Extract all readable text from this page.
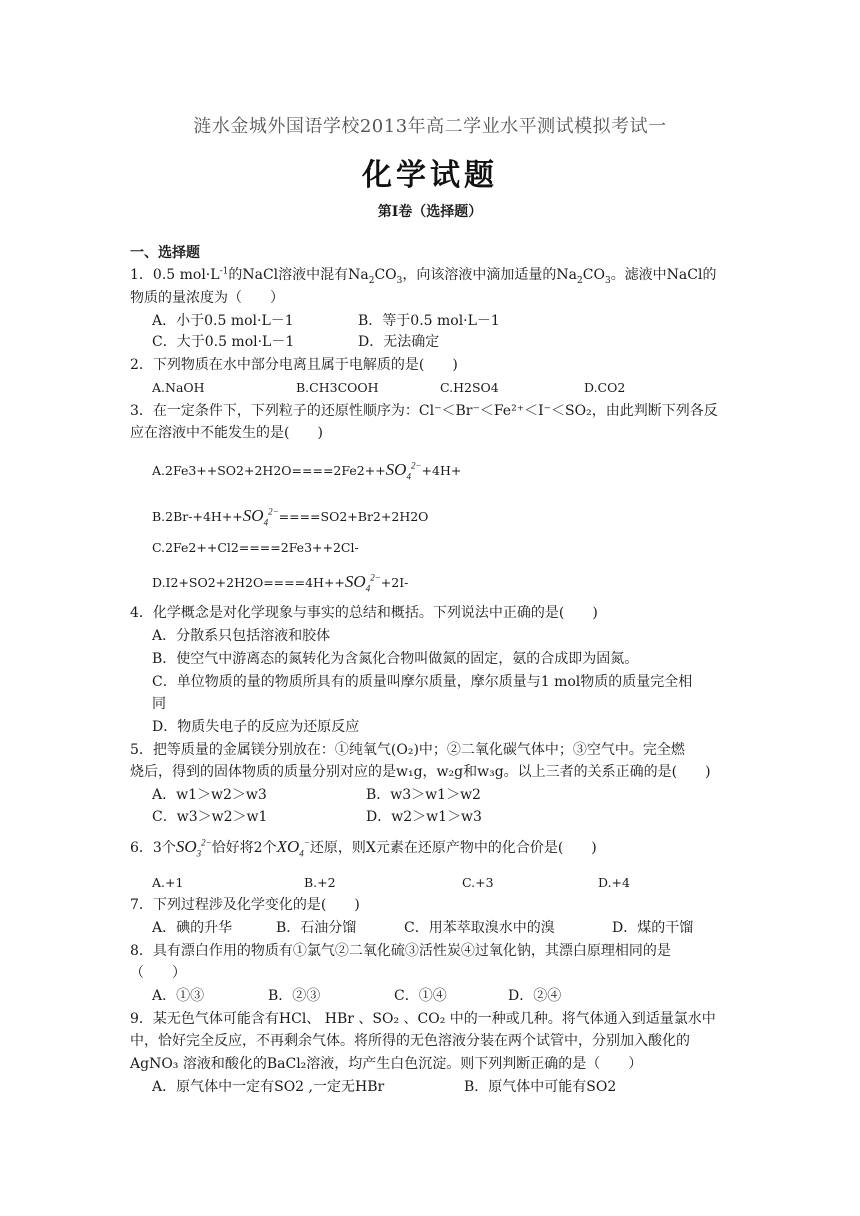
涟水金城外国语学校2013年高二学业水平测试模拟考试一
化学试题
第Ⅰ卷（选择题）
一、选择题
1．0.5 $mol\cdot L^{-1}$的NaCl溶液中混有$Na_2CO_3$，向该溶液中滴加适量的$Na_2CO_3$。滤液中NaCl的
物质的量浓度为（　　）
A．小于0.5 mol·L－1	B．等于0.5 mol·L－1
C．大于0.5 mol·L－1	D．无法确定
2．下列物质在水中部分电离且属于电解质的是(　　)
A.NaOH	B.CH3COOH	C.H2SO4	D.CO2
3．在一定条件下，下列粒子的还原性顺序为：Cl⁻＜Br⁻＜Fe²⁺＜I⁻＜SO₂，由此判断下列各反
应在溶液中不能发生的是(　　)
$A.2Fe3++SO2+2H2O====2Fe2++SO_4^{2-}+4H+$
$B.2Br-+4H++SO_4^{2-}====SO2+Br2+2H2O$
C.2Fe2++Cl2====2Fe3++2Cl-
$D.I2+SO2+2H2O====4H++SO_4^{2-}+2I-$
4．化学概念是对化学现象与事实的总结和概括。下列说法中正确的是(　　)
A．分散系只包括溶液和胶体
B．使空气中游离态的氮转化为含氮化合物叫做氮的固定，氨的合成即为固氮。
C．单位物质的量的物质所具有的质量叫摩尔质量，摩尔质量与1 mol物质的质量完全相
同
D．物质失电子的反应为还原反应
5．把等质量的金属镁分别放在：①纯氧气(O₂)中；②二氧化碳气体中；③空气中。完全燃
烧后，得到的固体物质的质量分别对应的是w₁g，w₂g和w₃g。以上三者的关系正确的是(　　)
A．w1＞w2＞w3	B．w3＞w1＞w2
C．w3＞w2＞w1	D．w2＞w1＞w3
6．3个$SO_3^{2-}$恰好将2个$XO_4^-$还原，则X元素在还原产物中的化合价是(　　)
A.+1	B.+2	C.+3	D.+4
7．下列过程涉及化学变化的是(　　)
A．碘的升华	B．石油分馏	C．用苯萃取溴水中的溴	D．煤的干馏
8．具有漂白作用的物质有①氯气②二氧化硫③活性炭④过氧化钠，其漂白原理相同的是
（　　）
A．①③	B．②③	C．①④	D．②④
9．某无色气体可能含有HCl、 HBr 、SO₂ 、CO₂ 中的一种或几种。将气体通入到适量氯水中
中，恰好完全反应，不再剩余气体。将所得的无色溶液分装在两个试管中，分别加入酸化的
AgNO₃ 溶液和酸化的BaCl₂溶液，均产生白色沉淀。则下列判断正确的是（　　）
A．原气体中一定有SO2 ,一定无HBr	B．原气体中可能有SO2
